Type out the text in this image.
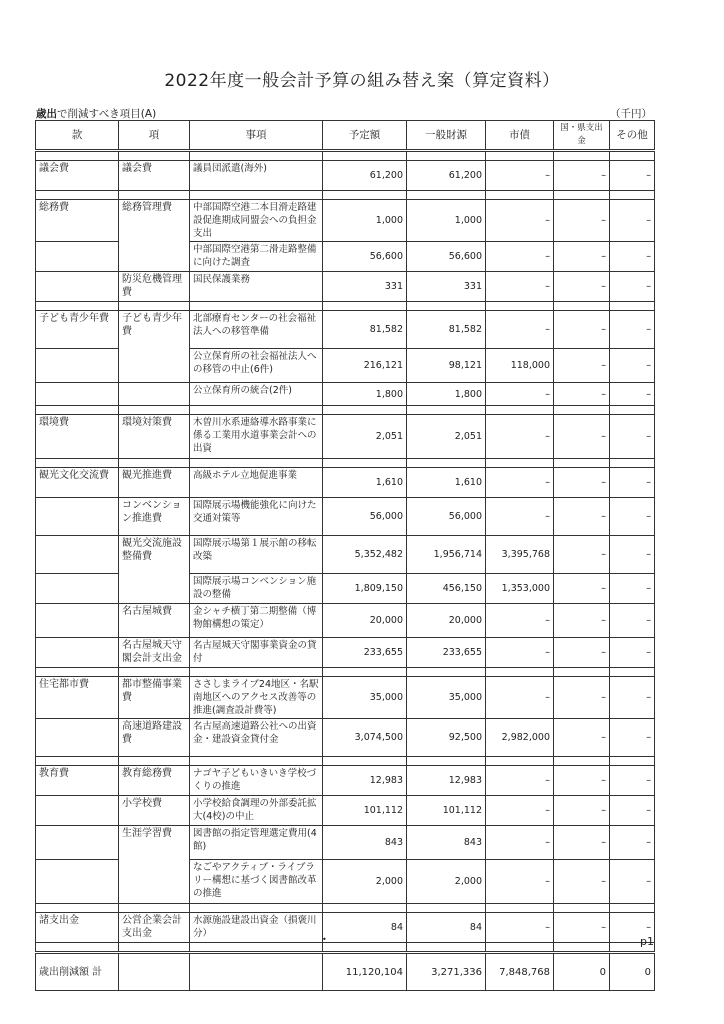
2022年度一般会計予算の組み替え案（算定資料）
歳出で削減すべき項目(A)	（千円）
款	項	事項	予定額	一般財源	市債	国・県支出金	その他

議会費	議会費	議員団派遣(海外)	61,200	61,200	–	–	–

総務費	総務管理費	中部国際空港二本目滑走路建設促進期成同盟会への負担金支出	1,000	1,000	–	–	–
		中部国際空港第二滑走路整備に向けた調査	56,600	56,600	–	–	–
	防災危機管理費	国民保護業務	331	331	–	–	–

子ども青少年費	子ども青少年費	北部療育センターの社会福祉法人への移管準備	81,582	81,582	–	–	–
		公立保育所の社会福祉法人への移管の中止(6件)	216,121	98,121	118,000	–	–
		公立保育所の統合(2件)	1,800	1,800	–	–	–

環境費	環境対策費	木曽川水系連絡導水路事業に係る工業用水道事業会計への出資	2,051	2,051	–	–	–

観光文化交流費	観光推進費	高級ホテル立地促進事業	1,610	1,610	–	–	–
	コンベンション推進費	国際展示場機能強化に向けた交通対策等	56,000	56,000	–	–	–
	観光交流施設整備費	国際展示場第１展示館の移転改築	5,352,482	1,956,714	3,395,768	–	–
		国際展示場コンベンション施設の整備	1,809,150	456,150	1,353,000	–	–
	名古屋城費	金シャチ横丁第二期整備（博物館構想の策定）	20,000	20,000	–	–	–
	名古屋城天守閣会計支出金	名古屋城天守閣事業資金の貸付	233,655	233,655	–	–	–

住宅都市費	都市整備事業費	ささしまライブ24地区・名駅南地区へのアクセス改善等の推進(調査設計費等)	35,000	35,000	–	–	–
	高速道路建設費	名古屋高速道路公社への出資金・建設資金貸付金	3,074,500	92,500	2,982,000	–	–

教育費	教育総務費	ナゴヤ子どもいきいき学校づくりの推進	12,983	12,983	–	–	–
	小学校費	小学校給食調理の外部委託拡大(4校)の中止	101,112	101,112	–	–	–
	生涯学習費	図書館の指定管理選定費用(4館)	843	843	–	–	–
		なごやアクティブ・ライブラリー構想に基づく図書館改革の推進	2,000	2,000	–	–	–

諸支出金	公営企業会計支出金	水源施設建設出資金（損褒川分）	84	84	–	–	–

歳出削減額 計			11,120,104	3,271,336	7,848,768	0	0
•	p1
